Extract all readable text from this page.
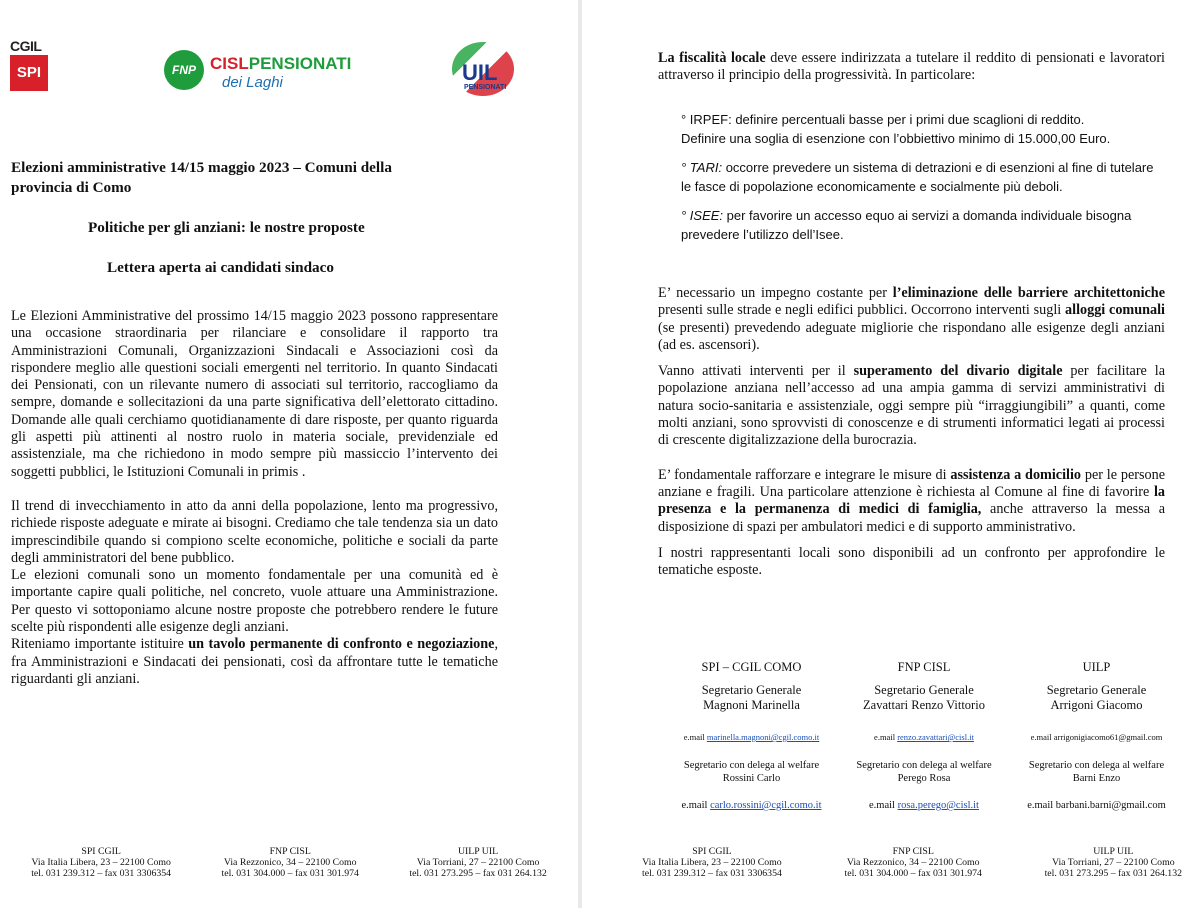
CGIL
SPI	FNP CISLPENSIONATI
dei Laghi	UIL
PENSIONATI
Elezioni amministrative 14/15 maggio 2023 – Comuni della
provincia di Como
Politiche per gli anziani: le nostre proposte
Lettera aperta ai candidati sindaco

Le Elezioni Amministrative del prossimo 14/15 maggio 2023 possono rappresentare una occasione straordinaria per rilanciare e consolidare il rapporto tra Amministrazioni Comunali, Organizzazioni Sindacali e Associazioni così da rispondere meglio alle questioni sociali emergenti nel territorio. In quanto Sindacati dei Pensionati, con un rilevante numero di associati sul territorio, raccogliamo da sempre, domande e sollecitazioni da una parte significativa dell’elettorato cittadino. Domande alle quali cerchiamo quotidianamente di dare risposte, per quanto riguarda gli aspetti più attinenti al nostro ruolo in materia sociale, previdenziale ed assistenziale, ma che richiedono in modo sempre più massiccio l’intervento dei soggetti pubblici, le Istituzioni Comunali in primis .

Il trend di invecchiamento in atto da anni della popolazione, lento ma progressivo, richiede risposte adeguate e mirate ai bisogni. Crediamo che tale tendenza sia un dato imprescindibile quando si compiono scelte economiche, politiche e sociali da parte degli amministratori del bene pubblico.

Le elezioni comunali sono un momento fondamentale per una comunità ed è importante capire quali politiche, nel concreto, vuole attuare una Amministrazione. Per questo vi sottoponiamo alcune nostre proposte che potrebbero rendere le future scelte più rispondenti alle esigenze degli anziani.

Riteniamo importante istituire un tavolo permanente di confronto e negoziazione, fra Amministrazioni e Sindacati dei pensionati, così da affrontare tutte le tematiche riguardanti gli anziani.

SPI CGIL
Via Italia Libera, 23 – 22100 Como
tel. 031 239.312 – fax 031 3306354
FNP CISL
Via Rezzonico, 34 – 22100 Como
tel. 031 304.000 – fax 031 301.974
UILP UIL
Via Torriani, 27 – 22100 Como
tel. 031 273.295 – fax 031 264.132

La fiscalità locale deve essere indirizzata a tutelare il reddito di pensionati e lavoratori attraverso il principio della progressività. In particolare:

° IRPEF: definire percentuali basse per i primi due scaglioni di reddito.
Definire una soglia di esenzione con l’obbiettivo minimo di 15.000,00 Euro.
° TARI: occorre prevedere un sistema di detrazioni e di esenzioni al fine di tutelare le fasce di popolazione economicamente e socialmente più deboli.
° ISEE: per favorire un accesso equo ai servizi a domanda individuale bisogna prevedere l’utilizzo dell’Isee.

E’ necessario un impegno costante per l’eliminazione delle barriere architettoniche presenti sulle strade e negli edifici pubblici. Occorrono interventi sugli alloggi comunali (se presenti) prevedendo adeguate migliorie che rispondano alle esigenze degli anziani (ad es. ascensori).

Vanno attivati interventi per il superamento del divario digitale per facilitare la popolazione anziana nell’accesso ad una ampia gamma di servizi amministrativi di natura socio-sanitaria e assistenziale, oggi sempre più “irraggiungibili” a quanti, come molti anziani, sono sprovvisti di conoscenze e di strumenti informatici legati ai processi di crescente digitalizzazione della burocrazia.

E’ fondamentale rafforzare e integrare le misure di assistenza a domicilio per le persone anziane e fragili. Una particolare attenzione è richiesta al Comune al fine di favorire la presenza e la permanenza di medici di famiglia, anche attraverso la messa a disposizione di spazi per ambulatori medici e di supporto amministrativo.

I nostri rappresentanti locali sono disponibili ad un confronto per approfondire le tematiche esposte.

SPI – CGIL COMO
Segretario Generale
Magnoni Marinella
e.mail marinella.magnoni@cgil.como.it
Segretario con delega al welfare
Rossini Carlo
e.mail carlo.rossini@cgil.como.it
FNP CISL
Segretario Generale
Zavattari Renzo Vittorio
e.mail renzo.zavattari@cisl.it
Segretario con delega al welfare
Perego Rosa
e.mail rosa.perego@cisl.it
UILP
Segretario Generale
Arrigoni Giacomo
e.mail arrigonigiacomo61@gmail.com
Segretario con delega al welfare
Barni Enzo
e.mail barbani.barni@gmail.com
SPI CGIL
Via Italia Libera, 23 – 22100 Como
tel. 031 239.312 – fax 031 3306354
FNP CISL
Via Rezzonico, 34 – 22100 Como
tel. 031 304.000 – fax 031 301.974
UILP UIL
Via Torriani, 27 – 22100 Como
tel. 031 273.295 – fax 031 264.132
